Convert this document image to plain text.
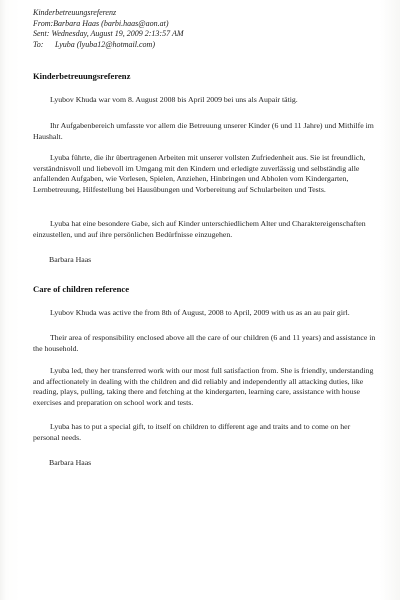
Kinderbetreuungsreferenz
From:Barbara Haas (barbi.haas@aon.at)
Sent: Wednesday, August 19, 2009 2:13:57 AM
To:	Lyuba (lyuba12@hotmail.com)
Kinderbetreuungsreferenz
Lyubov Khuda war vom 8. August 2008 bis April 2009 bei uns als Aupair tätig.
Ihr Aufgabenbereich umfasste vor allem die Betreuung unserer Kinder (6 und 11 Jahre) und Mithilfe im Haushalt.
Lyuba führte, die ihr übertragenen Arbeiten mit unserer vollsten Zufriedenheit aus. Sie ist freundlich, verständnisvoll und liebevoll im Umgang mit den Kindern und erledigte zuverlässig und selbständig alle anfallenden Aufgaben, wie Vorlesen, Spielen, Anziehen, Hinbringen und Abholen vom Kindergarten, Lernbetreuung, Hilfestellung bei Hausübungen und Vorbereitung auf Schularbeiten und Tests.
Lyuba hat eine besondere Gabe, sich auf Kinder unterschiedlichem Alter und Charaktereigenschaften einzustellen, und auf ihre persönlichen Bedürfnisse einzugehen.
Barbara Haas
Care of children reference
Lyubov Khuda was active the from 8th of August, 2008 to April, 2009 with us as an au pair girl.
Their area of responsibility enclosed above all the care of our children (6 and 11 years) and assistance in the household.
Lyuba led, they her transferred work with our most full satisfaction from. She is friendly, understanding and affectionately in dealing with the children and did reliably and independently all attacking duties, like reading, plays, pulling, taking there and fetching at the kindergarten, learning care, assistance with house exercises and preparation on school work and tests.
Lyuba has to put a special gift, to itself on children to different age and traits and to come on her personal needs.
Barbara Haas
